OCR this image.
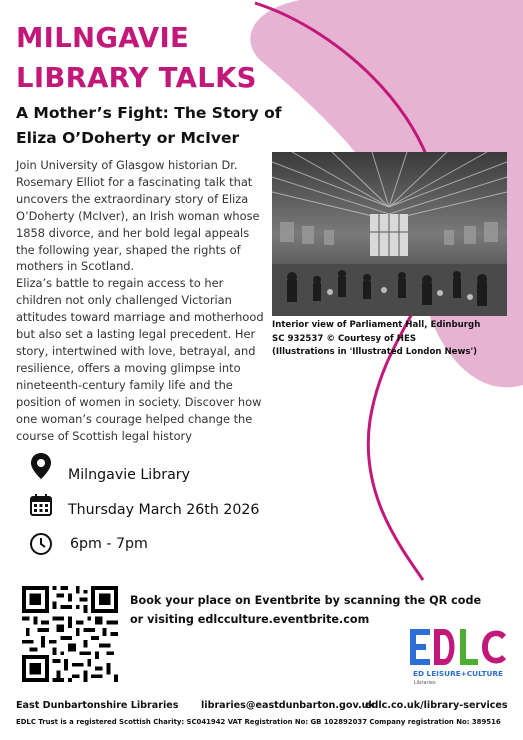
MILNGAVIE
LIBRARY TALKS
A Mother’s Fight: The Story of
Eliza O’Doherty or McIver

Join University of Glasgow historian Dr. Rosemary Elliot for a fascinating talk that uncovers the extraordinary story of Eliza O’Doherty (McIver), an Irish woman whose 1858 divorce, and her bold legal appeals the following year, shaped the rights of mothers in Scotland.

Eliza’s battle to regain access to her children not only challenged Victorian attitudes toward marriage and motherhood but also set a lasting legal precedent. Her story, intertwined with love, betrayal, and resilience, offers a moving glimpse into nineteenth-century family life and the position of women in society. Discover how one woman’s courage helped change the course of Scottish legal history

Interior view of Parliament Hall, Edinburgh
SC 932537 © Courtesy of HES
(Illustrations in 'Illustrated London News')
Milngavie Library
Thursday March 26th 2026
6pm - 7pm
Book your place on Eventbrite by scanning the QR code
or visiting edlcculture.eventbrite.com
ED LEISURE+CULTURE
Libraries
East Dunbartonshire Libraries libraries@eastdunbarton.gov.uk
edlc.co.uk/library-services
EDLC Trust is a registered Scottish Charity: SC041942 VAT Registration No: GB 102892037 Company registration No: 389516
